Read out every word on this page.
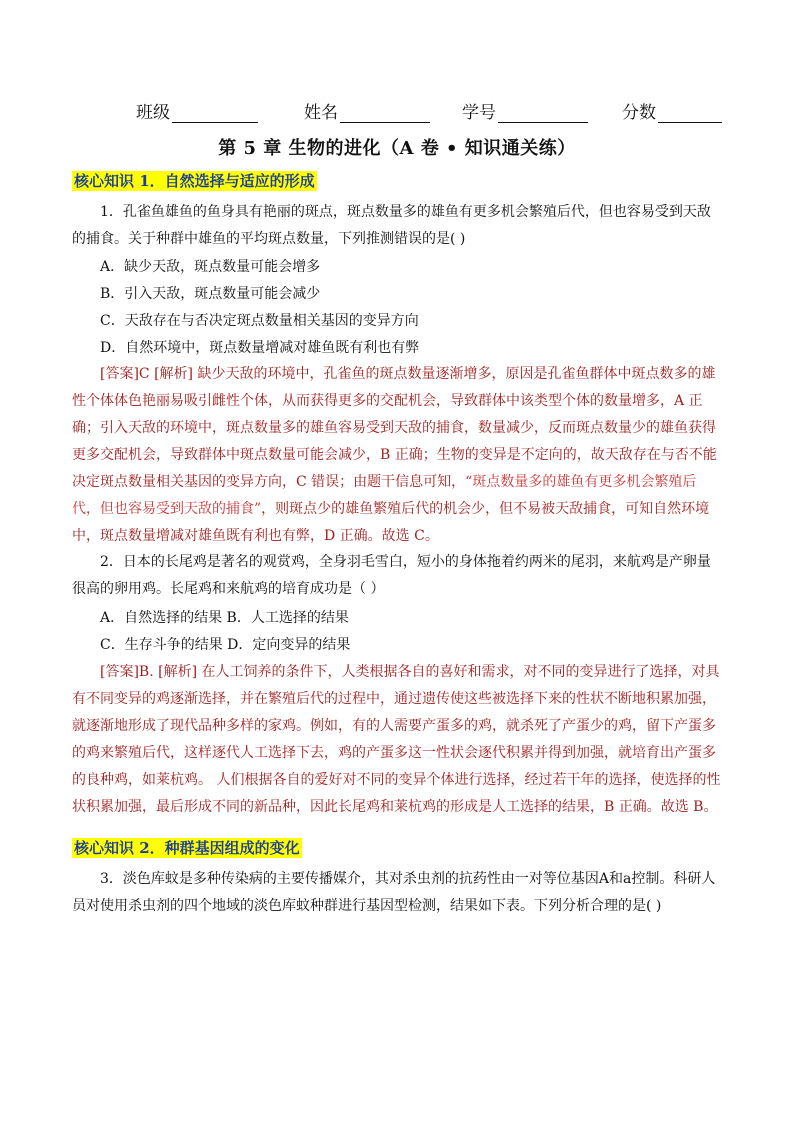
班级	姓名	学号	分数
第 5 章 生物的进化（A 卷 • 知识通关练）
核心知识 1．自然选择与适应的形成

1．孔雀鱼雄鱼的鱼身具有艳丽的斑点，斑点数量多的雄鱼有更多机会繁殖后代，但也容易受到天敌的捕食。关于种群中雄鱼的平均斑点数量，下列推测错误的是( )

A．缺少天敌，斑点数量可能会增多
B．引入天敌，斑点数量可能会减少
C．天敌存在与否决定斑点数量相关基因的变异方向
D．自然环境中，斑点数量增减对雄鱼既有利也有弊

[答案]C [解析] 缺少天敌的环境中，孔雀鱼的斑点数量逐渐增多，原因是孔雀鱼群体中斑点数多的雄性个体体色艳丽易吸引雌性个体，从而获得更多的交配机会，导致群体中该类型个体的数量增多，A 正确；引入天敌的环境中，斑点数量多的雄鱼容易受到天敌的捕食，数量减少，反而斑点数量少的雄鱼获得更多交配机会，导致群体中斑点数量可能会减少，B 正确；生物的变异是不定向的，故天敌存在与否不能决定斑点数量相关基因的变异方向，C 错误；由题干信息可知，“斑点数量多的雄鱼有更多机会繁殖后代，但也容易受到天敌的捕食”，则斑点少的雄鱼繁殖后代的机会少，但不易被天敌捕食，可知自然环境中，斑点数量增减对雄鱼既有利也有弊，D 正确。故选 C。

2．日本的长尾鸡是著名的观赏鸡，全身羽毛雪白，短小的身体拖着约两米的尾羽，来航鸡是产卵量很高的卵用鸡。长尾鸡和来航鸡的培育成功是（ ）

A．自然选择的结果 B．人工选择的结果
C．生存斗争的结果 D．定向变异的结果

[答案]B. [解析] 在人工饲养的条件下，人类根据各自的喜好和需求，对不同的变异进行了选择，对具有不同变异的鸡逐渐选择，并在繁殖后代的过程中，通过遗传使这些被选择下来的性状不断地积累加强，就逐渐地形成了现代品种多样的家鸡。例如，有的人需要产蛋多的鸡，就杀死了产蛋少的鸡，留下产蛋多的鸡来繁殖后代，这样逐代人工选择下去，鸡的产蛋多这一性状会逐代积累并得到加强，就培育出产蛋多的良种鸡，如莱杭鸡。 人们根据各自的爱好对不同的变异个体进行选择，经过若干年的选择，使选择的性状积累加强，最后形成不同的新品种，因此长尾鸡和莱杭鸡的形成是人工选择的结果，B 正确。故选 B。

核心知识 2．种群基因组成的变化

3．淡色库蚊是多种传染病的主要传播媒介，其对杀虫剂的抗药性由一对等位基因A和a控制。科研人员对使用杀虫剂的四个地域的淡色库蚊种群进行基因型检测，结果如下表。下列分析合理的是( )
